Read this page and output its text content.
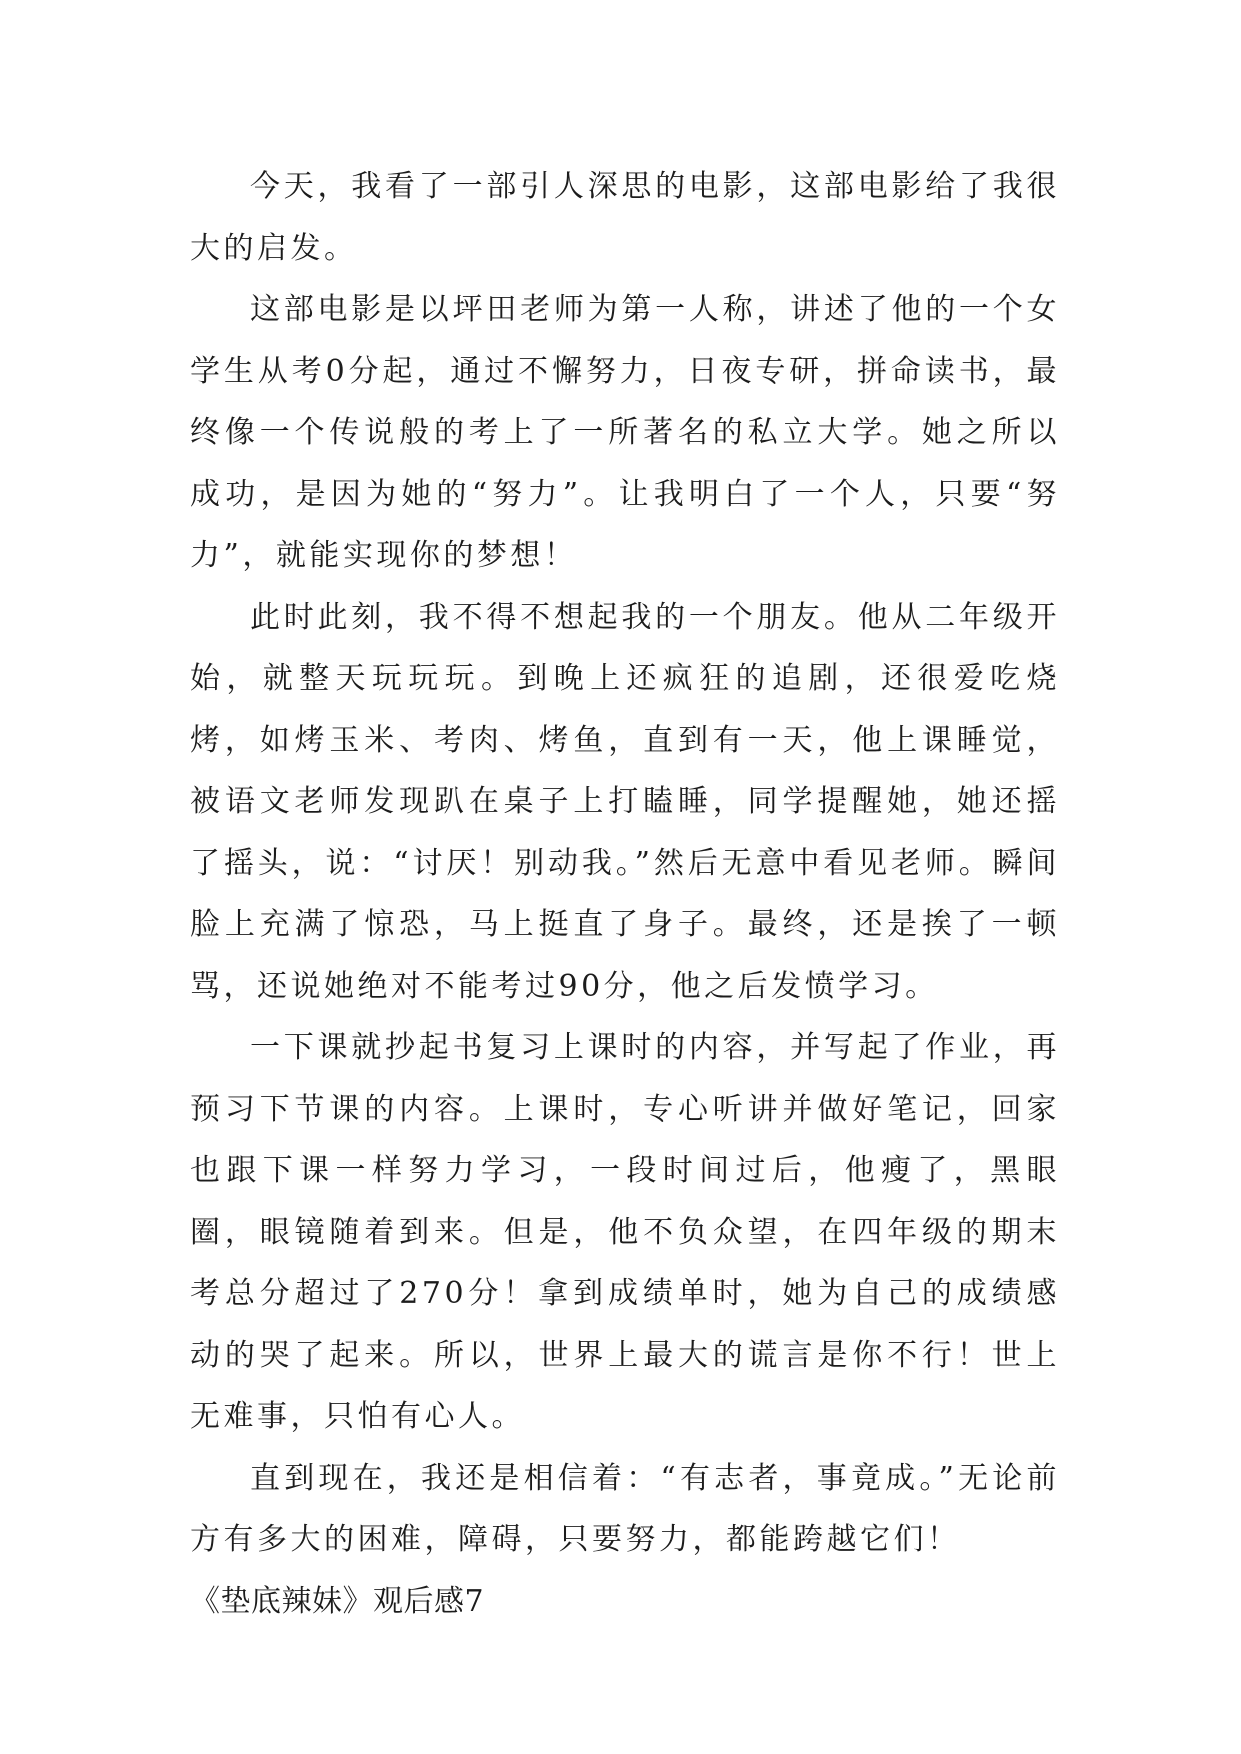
今天，我看了一部引人深思的电影，这部电影给了我很大的启发。

这部电影是以坪田老师为第一人称，讲述了他的一个女学生从考0分起，通过不懈努力，日夜专研，拼命读书，最终像一个传说般的考上了一所著名的私立大学。她之所以成功，是因为她的“努力”。让我明白了一个人，只要“努力”，就能实现你的梦想！

此时此刻，我不得不想起我的一个朋友。他从二年级开始，就整天玩玩玩。到晚上还疯狂的追剧，还很爱吃烧烤，如烤玉米、考肉、烤鱼，直到有一天，他上课睡觉，被语文老师发现趴在桌子上打瞌睡，同学提醒她，她还摇了摇头，说：“讨厌！别动我。”然后无意中看见老师。瞬间脸上充满了惊恐，马上挺直了身子。最终，还是挨了一顿骂，还说她绝对不能考过90分，他之后发愤学习。

一下课就抄起书复习上课时的内容，并写起了作业，再预习下节课的内容。上课时，专心听讲并做好笔记，回家也跟下课一样努力学习，一段时间过后，他瘦了，黑眼圈，眼镜随着到来。但是，他不负众望，在四年级的期末考总分超过了270分！拿到成绩单时，她为自己的成绩感动的哭了起来。所以，世界上最大的谎言是你不行！世上无难事，只怕有心人。

直到现在，我还是相信着：“有志者，事竟成。”无论前方有多大的困难，障碍，只要努力，都能跨越它们！

《垫底辣妹》观后感7
